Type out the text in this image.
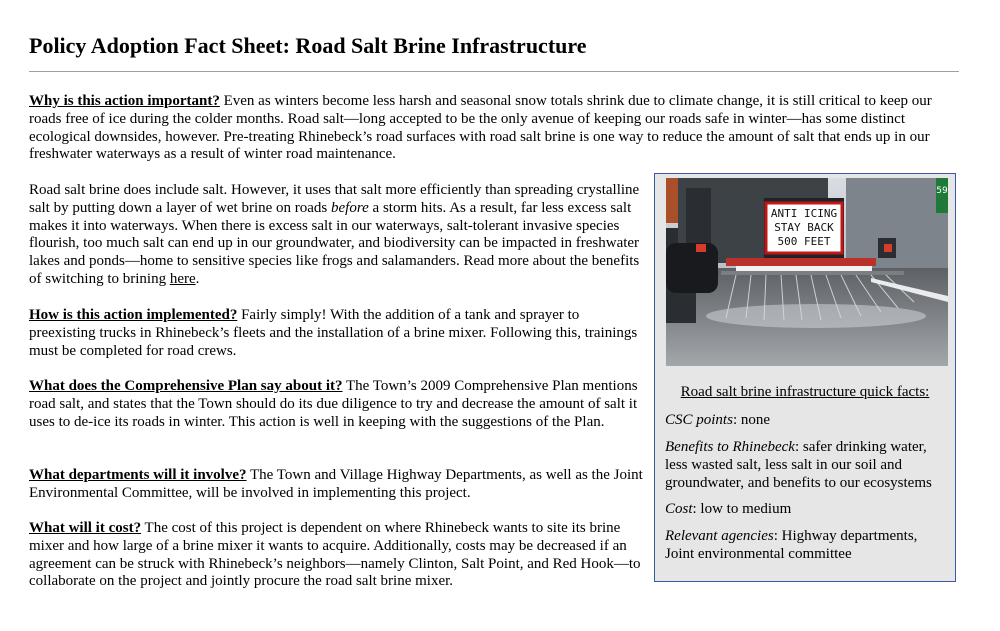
Policy Adoption Fact Sheet: Road Salt Brine Infrastructure

Why is this action important? Even as winters become less harsh and seasonal snow totals shrink due to climate change, it is still critical to keep our roads free of ice during the colder months. Road salt—long accepted to be the only avenue of keeping our roads safe in winter—has some distinct ecological downsides, however. Pre-treating Rhinebeck’s road surfaces with road salt brine is one way to reduce the amount of salt that ends up in our freshwater waterways as a result of winter road maintenance.

Road salt brine does include salt. However, it uses that salt more efficiently than spreading crystalline salt by putting down a layer of wet brine on roads before a storm hits. As a result, far less excess salt makes it into waterways. When there is excess salt in our waterways, salt-tolerant invasive species flourish, too much salt can end up in our groundwater, and biodiversity can be impacted in freshwater lakes and ponds—home to sensitive species like frogs and salamanders. Read more about the benefits of switching to brining here.

How is this action implemented? Fairly simply! With the addition of a tank and sprayer to preexisting trucks in Rhinebeck’s fleets and the installation of a brine mixer. Following this, trainings must be completed for road crews.

What does the Comprehensive Plan say about it? The Town’s 2009 Comprehensive Plan mentions road salt, and states that the Town should do its due diligence to try and decrease the amount of salt it uses to de-ice its roads in winter. This action is well in keeping with the suggestions of the Plan.

What departments will it involve? The Town and Village Highway Departments, as well as the Joint Environmental Committee, will be involved in implementing this project.

What will it cost? The cost of this project is dependent on where Rhinebeck wants to site its brine mixer and how large of a brine mixer it wants to acquire. Additionally, costs may be decreased if an agreement can be struck with Rhinebeck’s neighbors—namely Clinton, Salt Point, and Red Hook—to collaborate on the project and jointly procure the road salt brine mixer.

ANTI ICING
STAY BACK
500 FEET
59

Road salt brine infrastructure quick facts:

CSC points: none

Benefits to Rhinebeck: safer drinking water, less wasted salt, less salt in our soil and groundwater, and benefits to our ecosystems

Cost: low to medium

Relevant agencies: Highway departments, Joint environmental committee
